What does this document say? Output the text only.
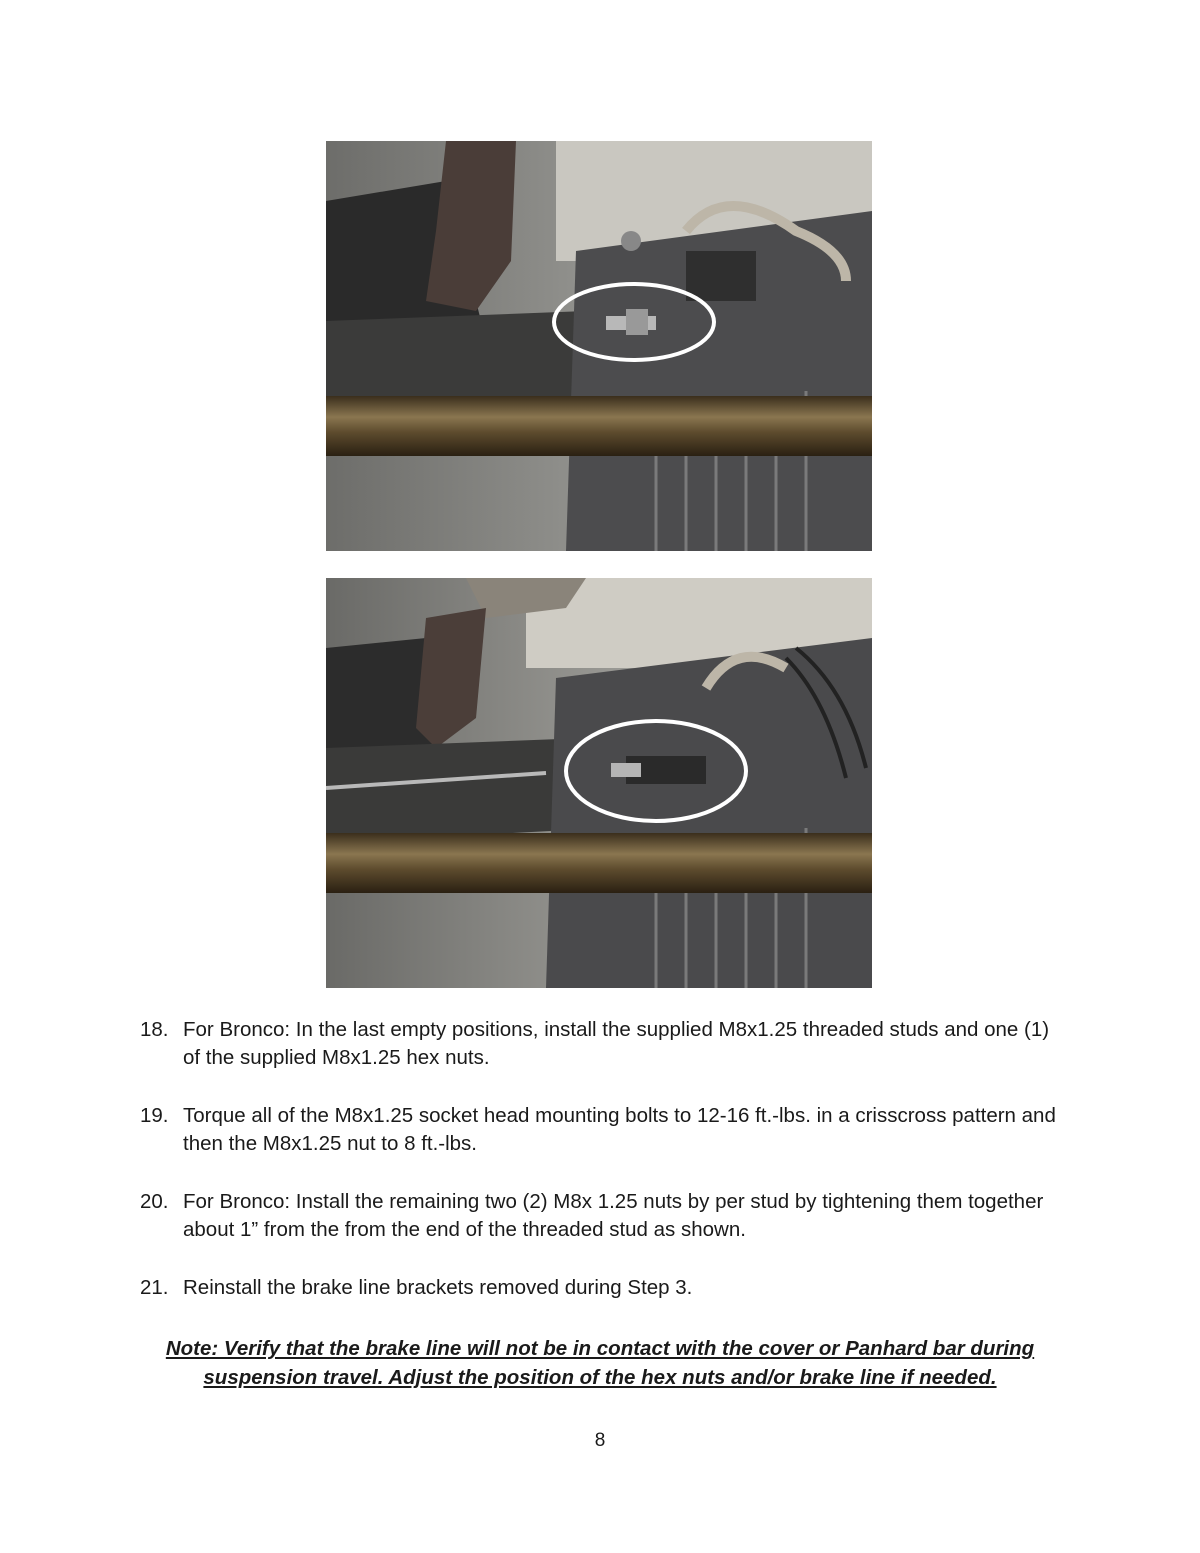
18. For Bronco: In the last empty positions, install the supplied M8x1.25 threaded studs and one (1) of the supplied M8x1.25 hex nuts.
19. Torque all of the M8x1.25 socket head mounting bolts to 12-16 ft.-lbs. in a crisscross pattern and then the M8x1.25 nut to 8 ft.-lbs.
20. For Bronco: Install the remaining two (2) M8x 1.25 nuts by per stud by tightening them together about 1” from the from the end of the threaded stud as shown.
21. Reinstall the brake line brackets removed during Step 3.
Note: Verify that the brake line will not be in contact with the cover or Panhard bar during
suspension travel. Adjust the position of the hex nuts and/or brake line if needed.
8
